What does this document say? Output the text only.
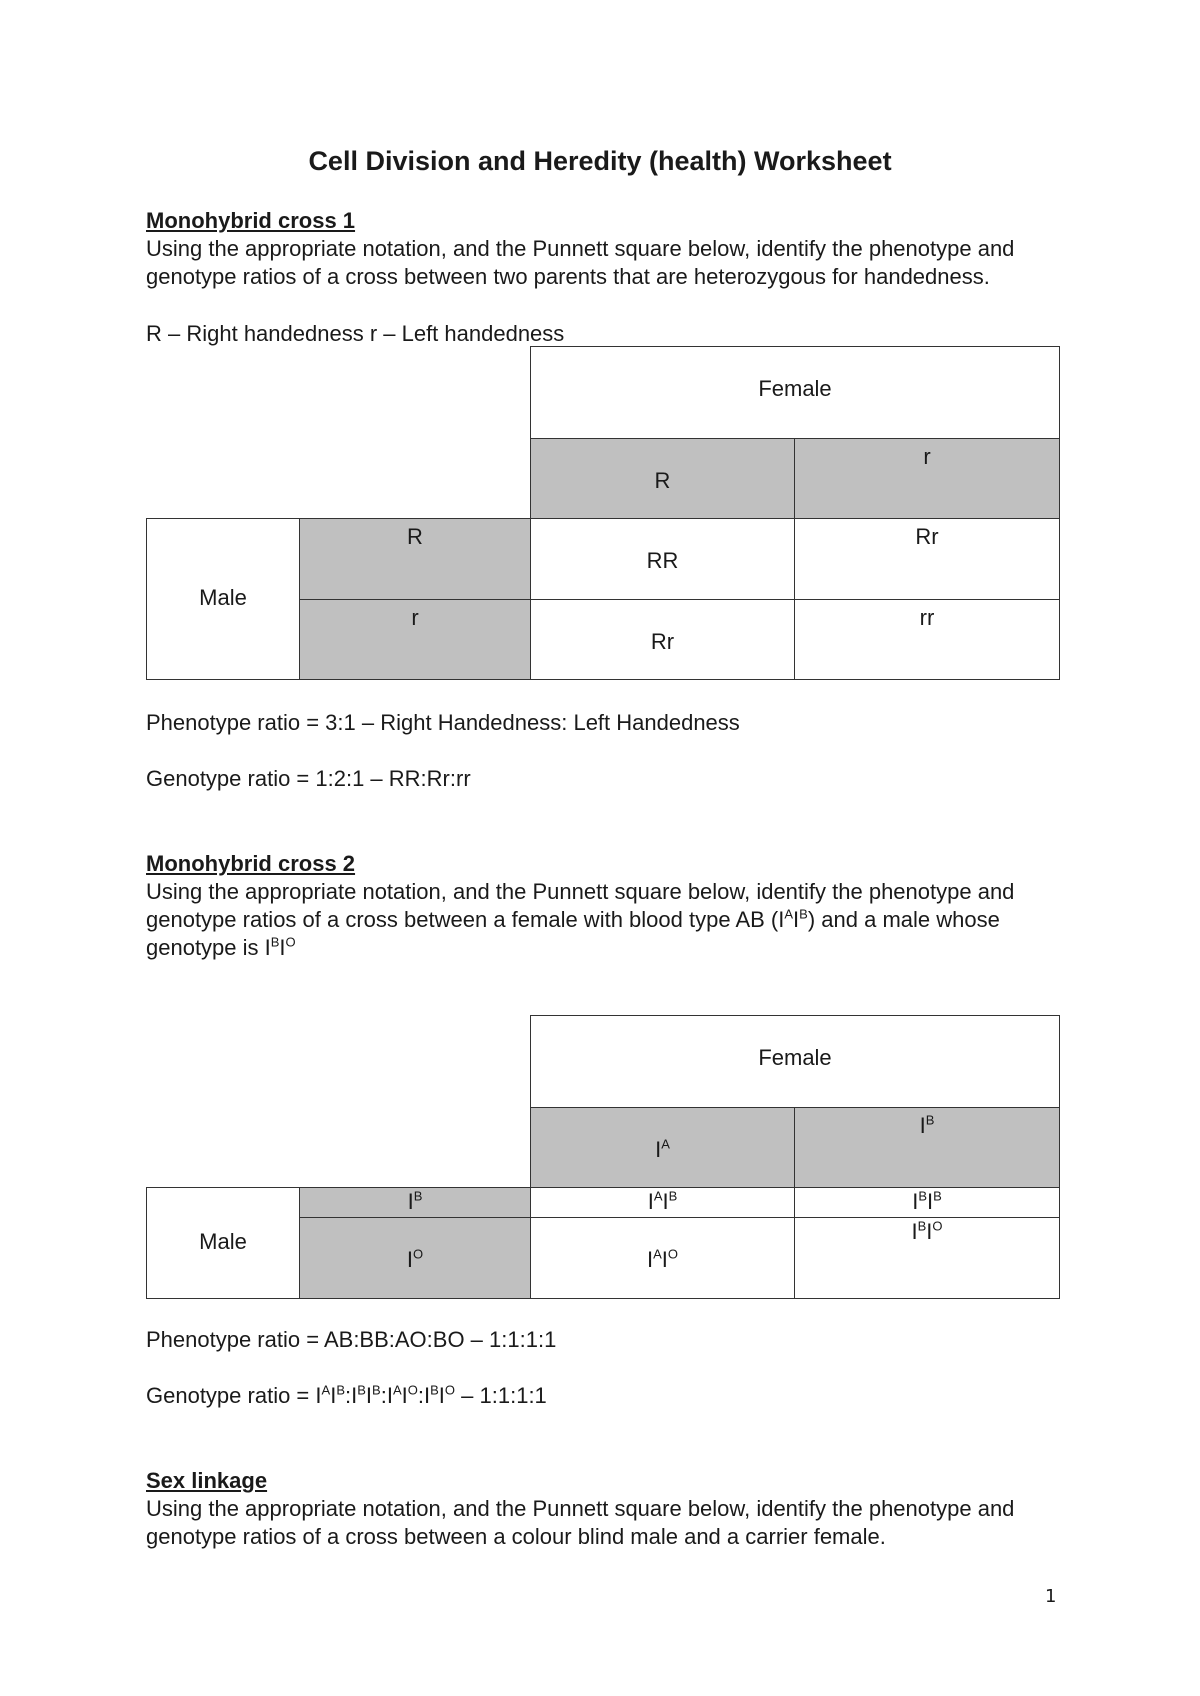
Cell Division and Heredity (health) Worksheet
Monohybrid cross 1

Using the appropriate notation, and the Punnett square below, identify the phenotype and genotype ratios of a cross between two parents that are heterozygous for handedness.

R – Right handedness r – Left handedness
Female
R
r
Male
R
r
RR
Rr
Rr
rr
Phenotype ratio = 3:1 – Right Handedness: Left Handedness
Genotype ratio = 1:2:1 – RR:Rr:rr
Monohybrid cross 2

Using the appropriate notation, and the Punnett square below, identify the phenotype and genotype ratios of a cross between a female with blood type AB $(I^AI^B)$ and a male whose genotype is $I^BI^O$

Female
$I^A$
$I^B$
Male
$I^B$
$I^O$
$I^AI^B$	$I^BI^B$
$I^AI^O$
$I^BI^O$
Phenotype ratio = AB:BB:AO:BO – 1:1:1:1
Genotype ratio = $I^AI^B:I^BI^B:I^AI^O:I^BI^O$ – 1:1:1:1
Sex linkage

Using the appropriate notation, and the Punnett square below, identify the phenotype and genotype ratios of a cross between a colour blind male and a carrier female.

1
